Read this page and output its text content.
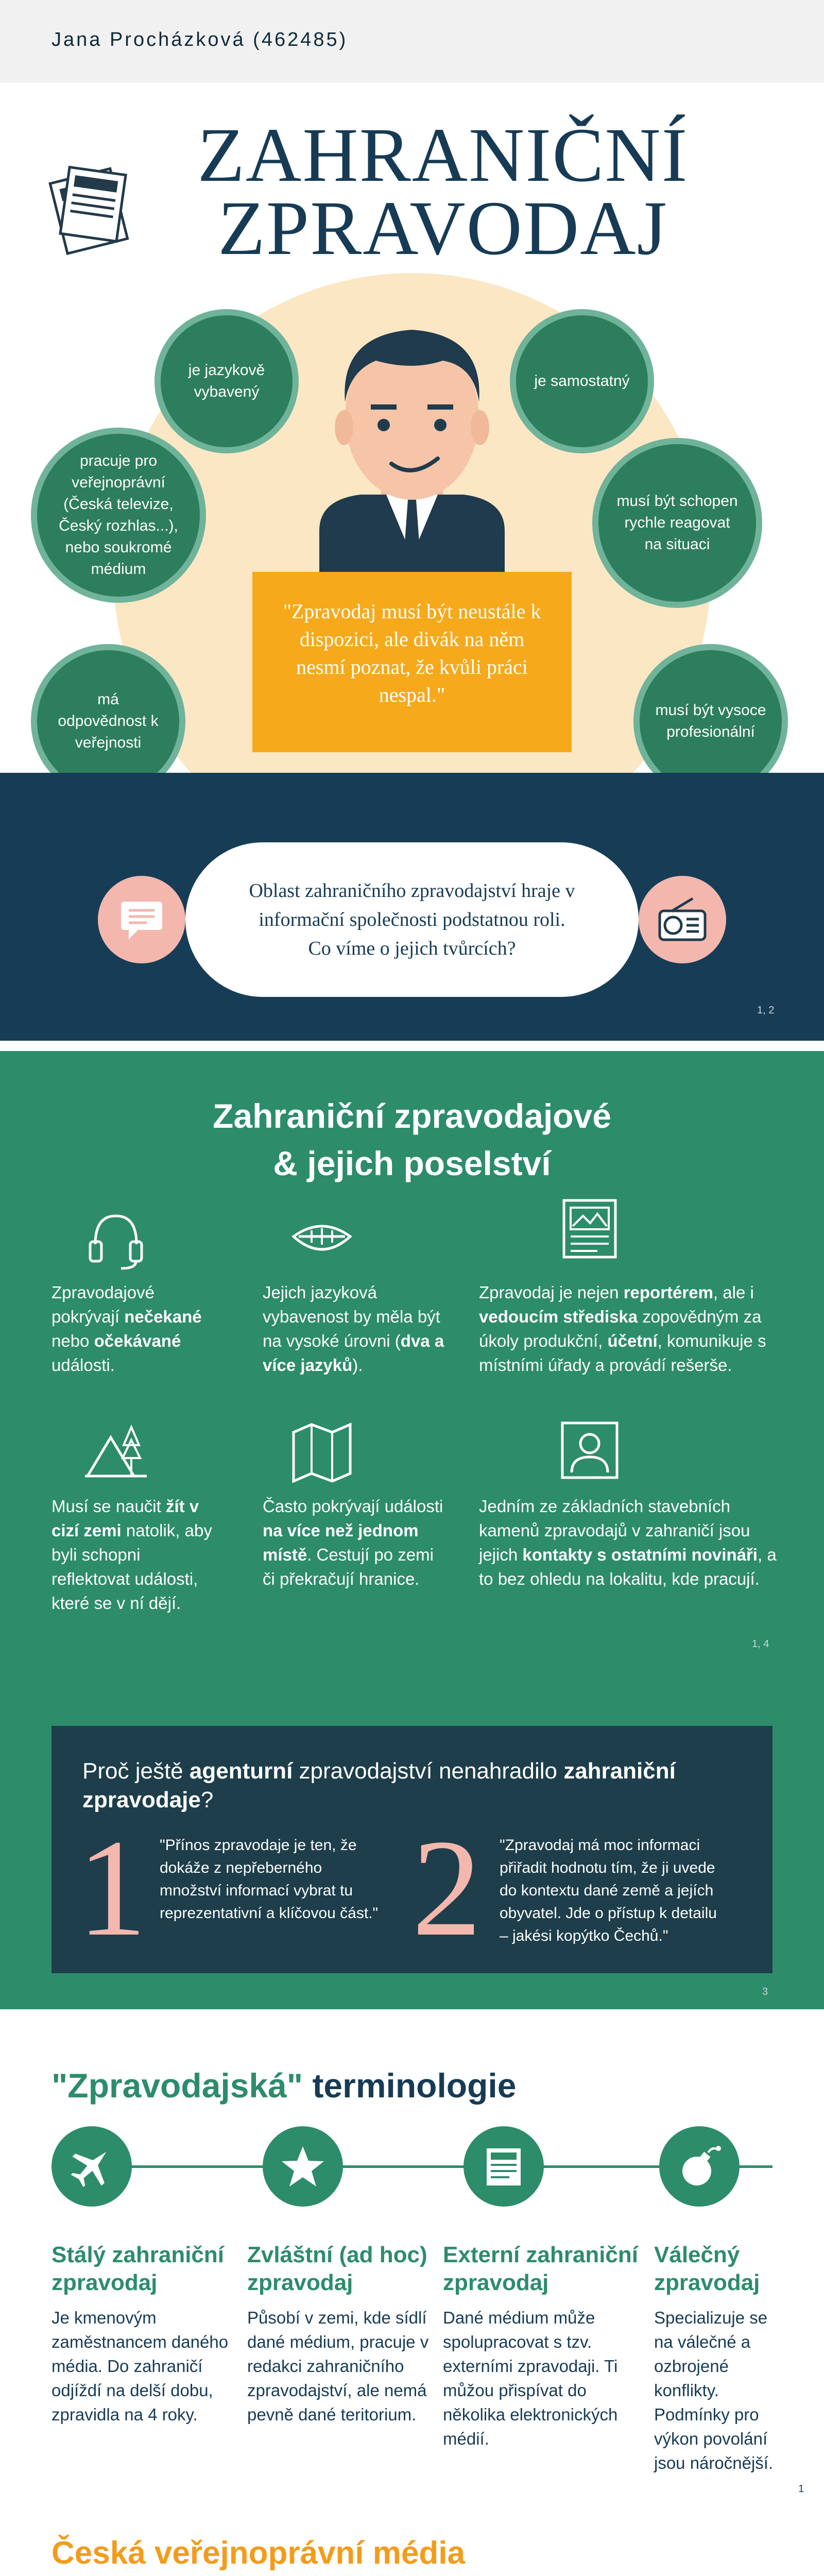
Jana Procházková (462485)
ZAHRANIČNÍ
ZPRAVODAJ
je jazykově vybavený
je samostatný
pracuje pro veřejnoprávní (Česká televize, Český rozhlas...), nebo soukromé médium
musí být schopen rychle reagovat na situaci
má odpovědnost k veřejnosti
musí být vysoce profesionální
"Zpravodaj musí být neustále k dispozici, ale divák na něm nesmí poznat, že kvůli práci nespal."
Oblast zahraničního zpravodajství hraje v informační společnosti podstatnou roli. Co víme o jejich tvůrcích?
1, 2
Zahraniční zpravodajové
& jejich poselství
Zpravodajové pokrývají nečekané nebo očekávané události.
Jejich jazyková vybavenost by měla být na vysoké úrovni (dva a více jazyků).
Zpravodaj je nejen reportérem, ale i vedoucím střediska zopovědným za úkoly produkční, účetní, komunikuje s místními úřady a provádí rešerše.
Musí se naučit žít v cizí zemi natolik, aby byli schopni reflektovat události, které se v ní dějí.
Často pokrývají události na více než jednom místě. Cestují po zemi či překračují hranice.
Jedním ze základních stavebních kamenů zpravodajů v zahraničí jsou jejich kontakty s ostatními novináři, a to bez ohledu na lokalitu, kde pracují.
1, 4
Proč ještě agenturní zpravodajství nenahradilo zahraniční zpravodaje?
1 "Přínos zpravodaje je ten, že dokáže z nepřeberného množství informací vybrat tu reprezentativní a klíčovou část." 2 "Zpravodaj má moc informaci přiřadit hodnotu tím, že ji uvede do kontextu dané země a jejích obyvatel. Jde o přístup k detailu – jakési kopýtko Čechů."
3
"Zpravodajská" terminologie
Stálý zahraniční zpravodaj
Je kmenovým zaměstnancem daného média. Do zahraničí odjíždí na delší dobu, zpravidla na 4 roky.
Zvláštní (ad hoc) zpravodaj
Působí v zemi, kde sídlí dané médium, pracuje v redakci zahraničního zpravodajství, ale nemá pevně dané teritorium.
Externí zahraniční zpravodaj
Dané médium může spolupracovat s tzv. externími zpravodaji. Ti můžou přispívat do několika elektronických médií.
Válečný zpravodaj
Specializuje se na válečné a ozbrojené konflikty. Podmínky pro výkon povolání jsou náročnější.
1
Česká veřejnoprávní média
